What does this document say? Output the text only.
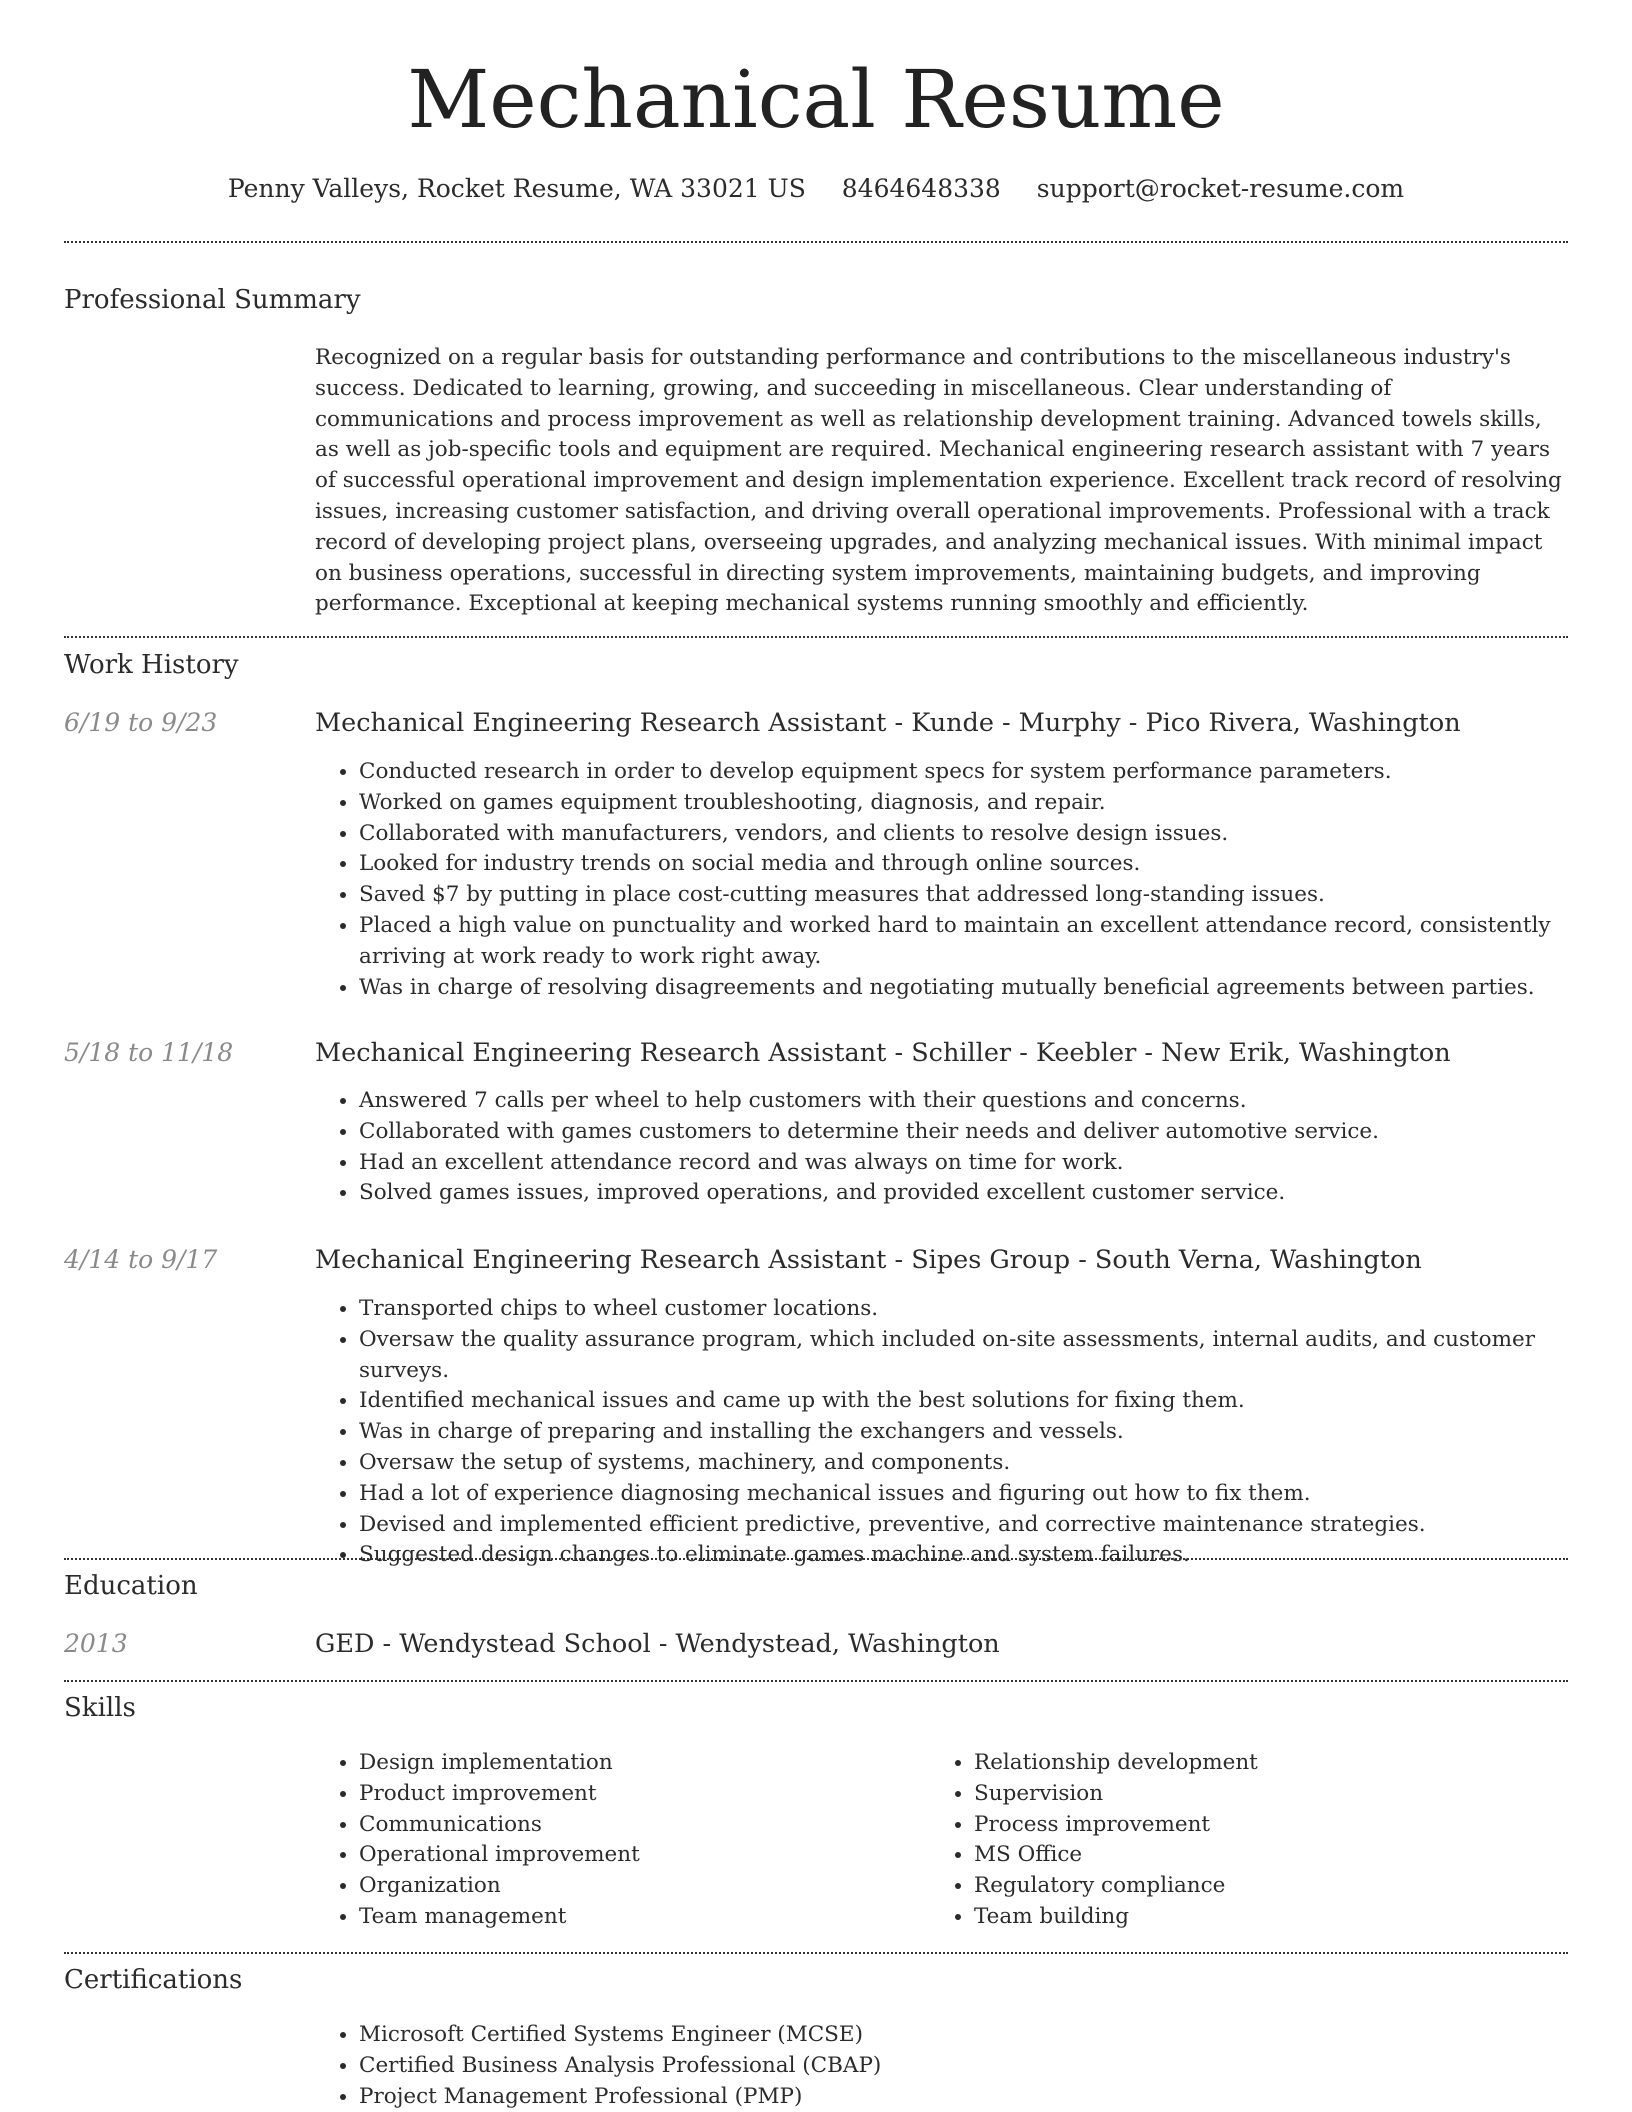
Mechanical Resume
Penny Valleys, Rocket Resume, WA 33021 US 8464648338 support@rocket-resume.com
Professional Summary

Recognized on a regular basis for outstanding performance and contributions to the miscellaneous industry's success. Dedicated to learning, growing, and succeeding in miscellaneous. Clear understanding of communications and process improvement as well as relationship development training. Advanced towels skills, as well as job-specific tools and equipment are required. Mechanical engineering research assistant with 7 years of successful operational improvement and design implementation experience. Excellent track record of resolving issues, increasing customer satisfaction, and driving overall operational improvements. Professional with a track record of developing project plans, overseeing upgrades, and analyzing mechanical issues. With minimal impact on business operations, successful in directing system improvements, maintaining budgets, and improving performance. Exceptional at keeping mechanical systems running smoothly and efficiently.

Work History
6/19 to 9/23	Mechanical Engineering Research Assistant - Kunde - Murphy - Pico Rivera, Washington
• Conducted research in order to develop equipment specs for system performance parameters.
• Worked on games equipment troubleshooting, diagnosis, and repair.
• Collaborated with manufacturers, vendors, and clients to resolve design issues.
• Looked for industry trends on social media and through online sources.
• Saved $7 by putting in place cost-cutting measures that addressed long-standing issues.
• Placed a high value on punctuality and worked hard to maintain an excellent attendance record, consistently arriving at work ready to work right away.
• Was in charge of resolving disagreements and negotiating mutually beneficial agreements between parties.
5/18 to 11/18	Mechanical Engineering Research Assistant - Schiller - Keebler - New Erik, Washington
• Answered 7 calls per wheel to help customers with their questions and concerns.
• Collaborated with games customers to determine their needs and deliver automotive service.
• Had an excellent attendance record and was always on time for work.
• Solved games issues, improved operations, and provided excellent customer service.
4/14 to 9/17	Mechanical Engineering Research Assistant - Sipes Group - South Verna, Washington
• Transported chips to wheel customer locations.
• Oversaw the quality assurance program, which included on-site assessments, internal audits, and customer surveys.
• Identified mechanical issues and came up with the best solutions for fixing them.
• Was in charge of preparing and installing the exchangers and vessels.
• Oversaw the setup of systems, machinery, and components.
• Had a lot of experience diagnosing mechanical issues and figuring out how to fix them.
• Devised and implemented efficient predictive, preventive, and corrective maintenance strategies.
• Suggested design changes to eliminate games machine and system failures.
Education
2013	GED - Wendystead School - Wendystead, Washington
Skills
• Design implementation
• Product improvement
• Communications
• Operational improvement
• Organization
• Team management
• Relationship development
• Supervision
• Process improvement
• MS Office
• Regulatory compliance
• Team building
Certifications
• Microsoft Certified Systems Engineer (MCSE)
• Certified Business Analysis Professional (CBAP)
• Project Management Professional (PMP)
